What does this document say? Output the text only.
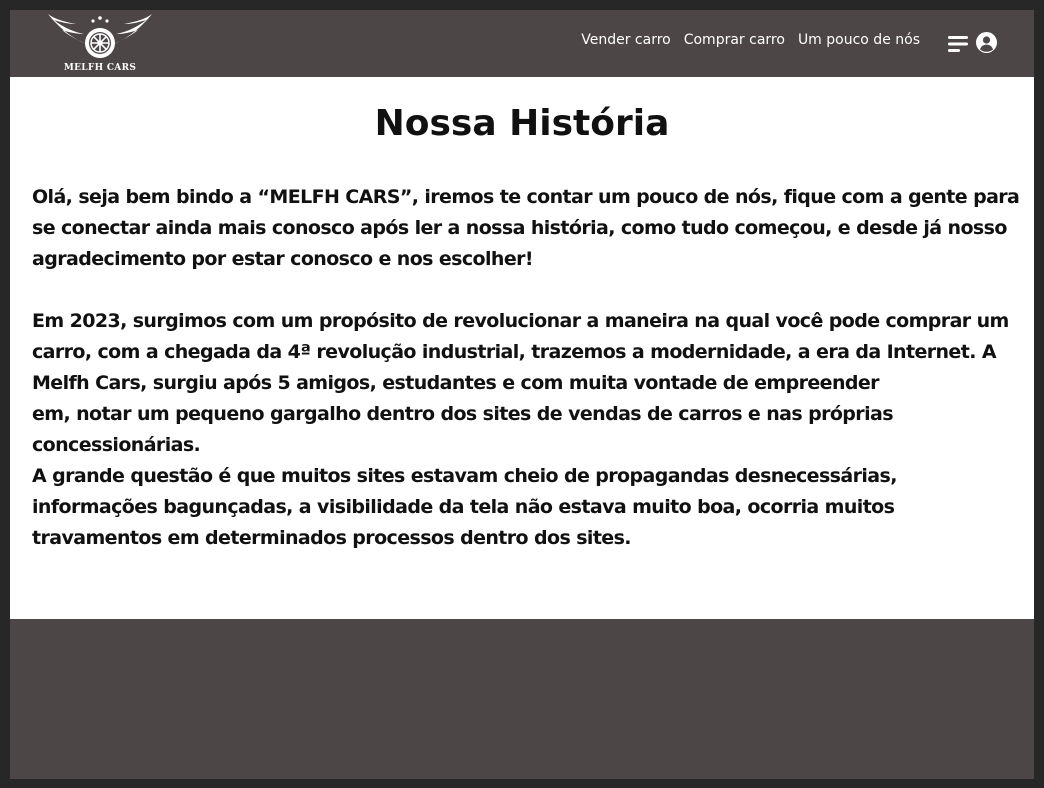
MELFH CARS
Vender carro Comprar carro Um pouco de nós
Nossa História

Olá, seja bem bindo a “MELFH CARS”, iremos te contar um pouco de nós, fique com a gente para se conectar ainda mais conosco após ler a nossa história, como tudo começou, e desde já nosso agradecimento por estar conosco e nos escolher!

Em 2023, surgimos com um propósito de revolucionar a maneira na qual você pode comprar um carro, com a chegada da 4ª revolução industrial, trazemos a modernidade, a era da Internet. A Melfh Cars, surgiu após 5 amigos, estudantes e com muita vontade de empreender
em, notar um pequeno gargalho dentro dos sites de vendas de carros e nas próprias
concessionárias.
A grande questão é que muitos sites estavam cheio de propagandas desnecessárias, informações bagunçadas, a visibilidade da tela não estava muito boa, ocorria muitos travamentos em determinados processos dentro dos sites.
